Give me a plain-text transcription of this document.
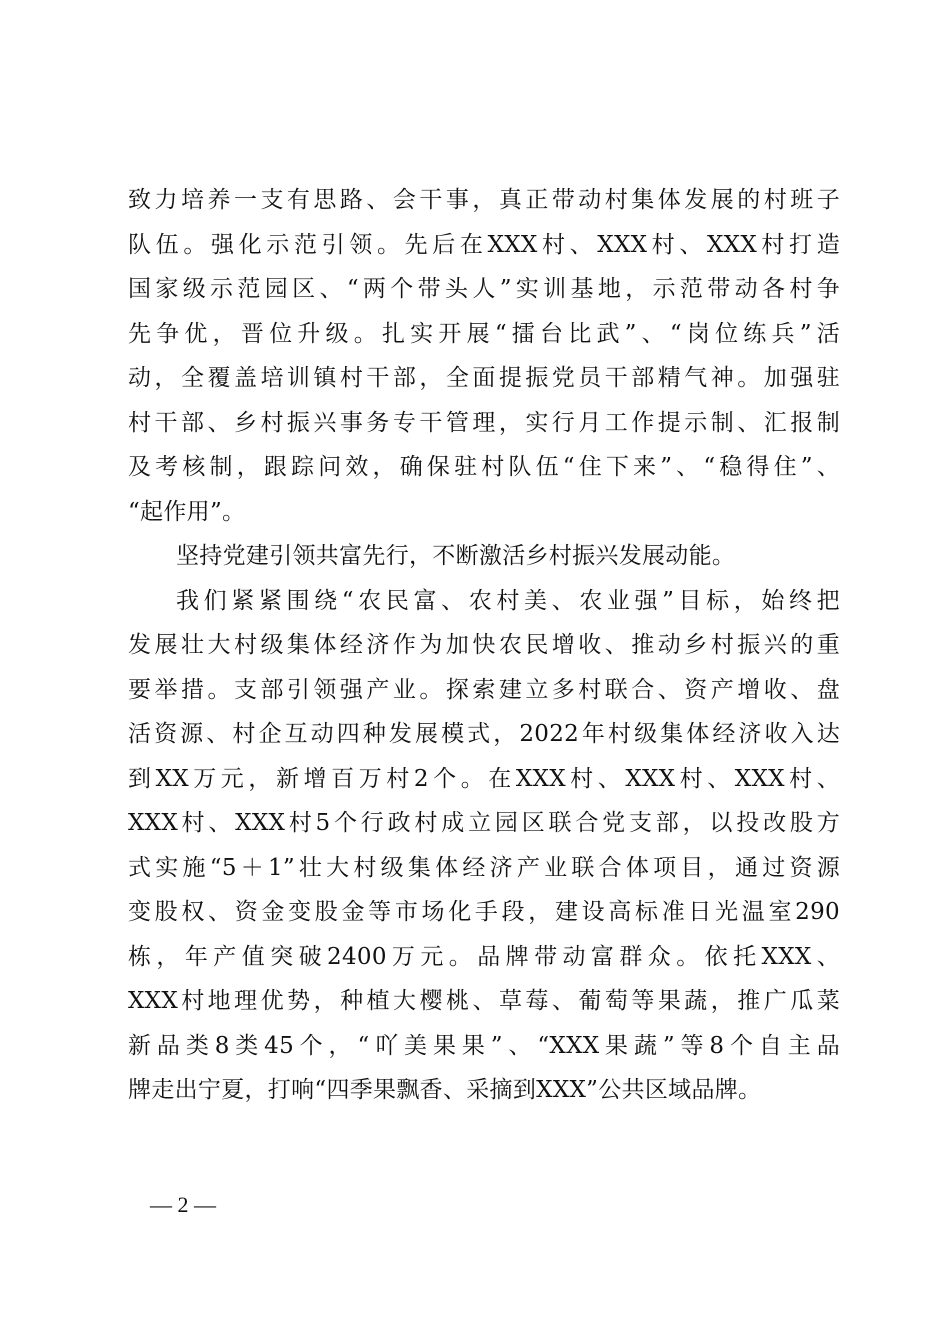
致力培养一支有思路、会干事，真正带动村集体发展的村班子
队伍。强化示范引领。先后在XXX村、XXX村、XXX村打造
国家级示范园区、“两个带头人”实训基地，示范带动各村争
先争优，晋位升级。扎实开展“擂台比武”、“岗位练兵”活
动，全覆盖培训镇村干部，全面提振党员干部精气神。加强驻
村干部、乡村振兴事务专干管理，实行月工作提示制、汇报制
及考核制，跟踪问效，确保驻村队伍“住下来”、“稳得住”、
“起作用”。
坚持党建引领共富先行，不断激活乡村振兴发展动能。
我们紧紧围绕“农民富、农村美、农业强”目标，始终把
发展壮大村级集体经济作为加快农民增收、推动乡村振兴的重
要举措。支部引领强产业。探索建立多村联合、资产增收、盘
活资源、村企互动四种发展模式，2022年村级集体经济收入达
到XX万元，新增百万村2个。在XXX村、XXX村、XXX村、
XXX村、XXX村5个行政村成立园区联合党支部，以投改股方
式实施“5＋1”壮大村级集体经济产业联合体项目，通过资源
变股权、资金变股金等市场化手段，建设高标准日光温室290
栋，年产值突破2400万元。品牌带动富群众。依托XXX、
XXX村地理优势，种植大樱桃、草莓、葡萄等果蔬，推广瓜菜
新品类8类45个，“吖美果果”、“XXX果蔬”等8个自主品
牌走出宁夏，打响“四季果飘香、采摘到XXX”公共区域品牌。
— 2 —
